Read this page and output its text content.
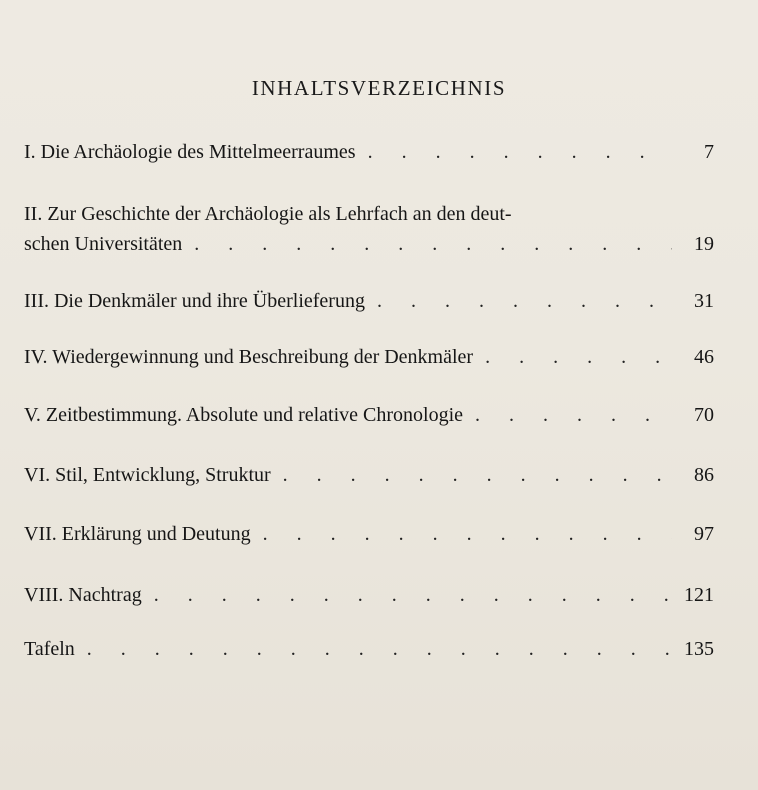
INHALTSVERZEICHNIS
I. Die Archäologie des Mittelmeerraumes . . .	7
II. Zur Geschichte der Archäologie als Lehrfach an den deut-
schen Universitäten . . .	19
III. Die Denkmäler und ihre Überlieferung . . .	31
IV. Wiedergewinnung und Beschreibung der Denkmäler . . .	46
V. Zeitbestimmung. Absolute und relative Chronologie . . .	70
VI. Stil, Entwicklung, Struktur . . .	86
VII. Erklärung und Deutung . . .	97
VIII. Nachtrag . . .	121
Tafeln . . .	135
